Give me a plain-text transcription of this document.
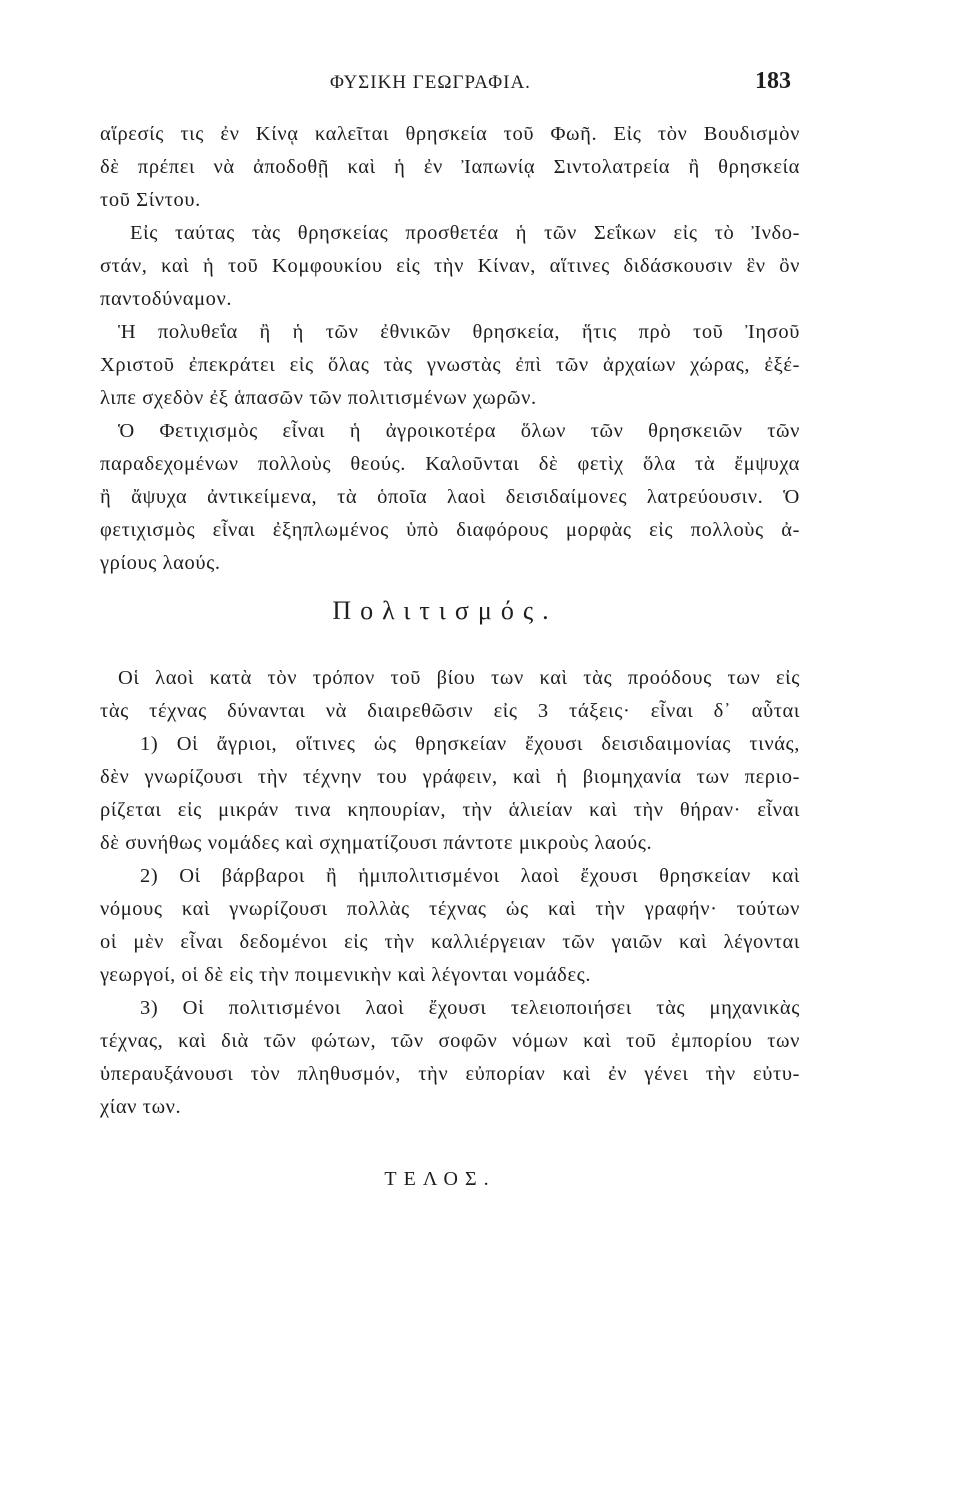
ΦΥΣΙΚΗ ΓΕΩΓΡΑΦΙΑ.	183
αἵρεσίς τις ἐν Κίνᾳ καλεῖται θρησκεία τοῦ Φωῆ. Εἰς τὸν Βουδισμὸν
δὲ πρέπει νὰ ἀποδοθῇ καὶ ἡ ἐν Ἰαπωνίᾳ Σιντολατρεία ἢ θρησκεία
τοῦ Σίντου.
Εἰς ταύτας τὰς θρησκείας προσθετέα ἡ τῶν Σεΐκων εἰς τὸ Ἰνδο-
στάν, καὶ ἡ τοῦ Κομφουκίου εἰς τὴν Κίναν, αἵτινες διδάσκουσιν ἓν ὂν
παντοδύναμον.
Ἡ πολυθεΐα ἢ ἡ τῶν ἐθνικῶν θρησκεία, ἥτις πρὸ τοῦ Ἰησοῦ
Χριστοῦ ἐπεκράτει εἰς ὅλας τὰς γνωστὰς ἐπὶ τῶν ἀρχαίων χώρας, ἐξέ-
λιπε σχεδὸν ἐξ ἁπασῶν τῶν πολιτισμένων χωρῶν.
Ὁ Φετιχισμὸς εἶναι ἡ ἀγροικοτέρα ὅλων τῶν θρησκειῶν τῶν
παραδεχομένων πολλοὺς θεούς. Καλοῦνται δὲ φετὶχ ὅλα τὰ ἔμψυχα
ἢ ἄψυχα ἀντικείμενα, τὰ ὁποῖα λαοὶ δεισιδαίμονες λατρεύουσιν. Ὁ
φετιχισμὸς εἶναι ἐξηπλωμένος ὑπὸ διαφόρους μορφὰς εἰς πολλοὺς ἀ-
γρίους λαούς.
Πολιτισμός.
Οἱ λαοὶ κατὰ τὸν τρόπον τοῦ βίου των καὶ τὰς προόδους των εἰς
τὰς τέχνας δύνανται νὰ διαιρεθῶσιν εἰς 3 τάξεις· εἶναι δ᾽ αὗται
1) Οἱ ἄγριοι, οἵτινες ὡς θρησκείαν ἔχουσι δεισιδαιμονίας τινάς,
δὲν γνωρίζουσι τὴν τέχνην του γράφειν, καὶ ἡ βιομηχανία των περιο-
ρίζεται εἰς μικράν τινα κηπουρίαν, τὴν ἁλιείαν καὶ τὴν θήραν· εἶναι
δὲ συνήθως νομάδες καὶ σχηματίζουσι πάντοτε μικροὺς λαούς.
2) Οἱ βάρβαροι ἢ ἡμιπολιτισμένοι λαοὶ ἔχουσι θρησκείαν καὶ
νόμους καὶ γνωρίζουσι πολλὰς τέχνας ὡς καὶ τὴν γραφήν· τούτων
οἱ μὲν εἶναι δεδομένοι εἰς τὴν καλλιέργειαν τῶν γαιῶν καὶ λέγονται
γεωργοί, οἱ δὲ εἰς τὴν ποιμενικὴν καὶ λέγονται νομάδες.
3) Οἱ πολιτισμένοι λαοὶ ἔχουσι τελειοποιήσει τὰς μηχανικὰς
τέχνας, καὶ διὰ τῶν φώτων, τῶν σοφῶν νόμων καὶ τοῦ ἐμπορίου των
ὑπεραυξάνουσι τὸν πληθυσμόν, τὴν εὐπορίαν καὶ ἐν γένει τὴν εὐτυ-
χίαν των.
ΤΕΛΟΣ.
